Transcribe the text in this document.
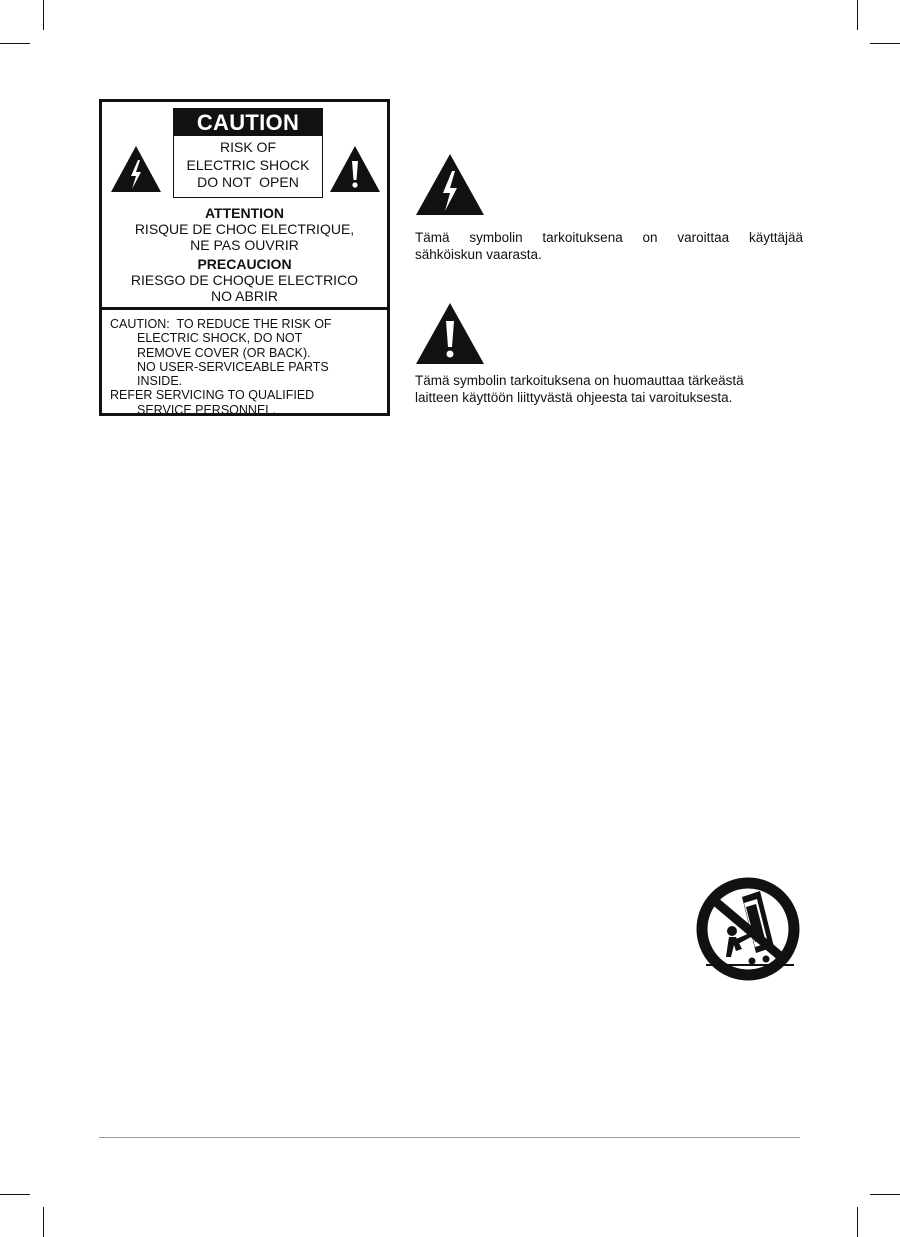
CAUTION
RISK OF
ELECTRIC SHOCK
DO NOT  OPEN
ATTENTION
RISQUE DE CHOC ELECTRIQUE,
NE PAS OUVRIR
PRECAUCION
RIESGO DE CHOQUE ELECTRICO
NO ABRIR
CAUTION:  TO REDUCE THE RISK OF
ELECTRIC SHOCK, DO NOT
REMOVE COVER (OR BACK).
NO USER-SERVICEABLE PARTS
INSIDE.
REFER SERVICING TO QUALIFIED
SERVICE PERSONNEL.
Tämä symbolin tarkoituksena on varoittaa käyttäjää
sähköiskun vaarasta.
Tämä symbolin tarkoituksena on huomauttaa tärkeästä
laitteen käyttöön liittyvästä ohjeesta tai varoituksesta.
